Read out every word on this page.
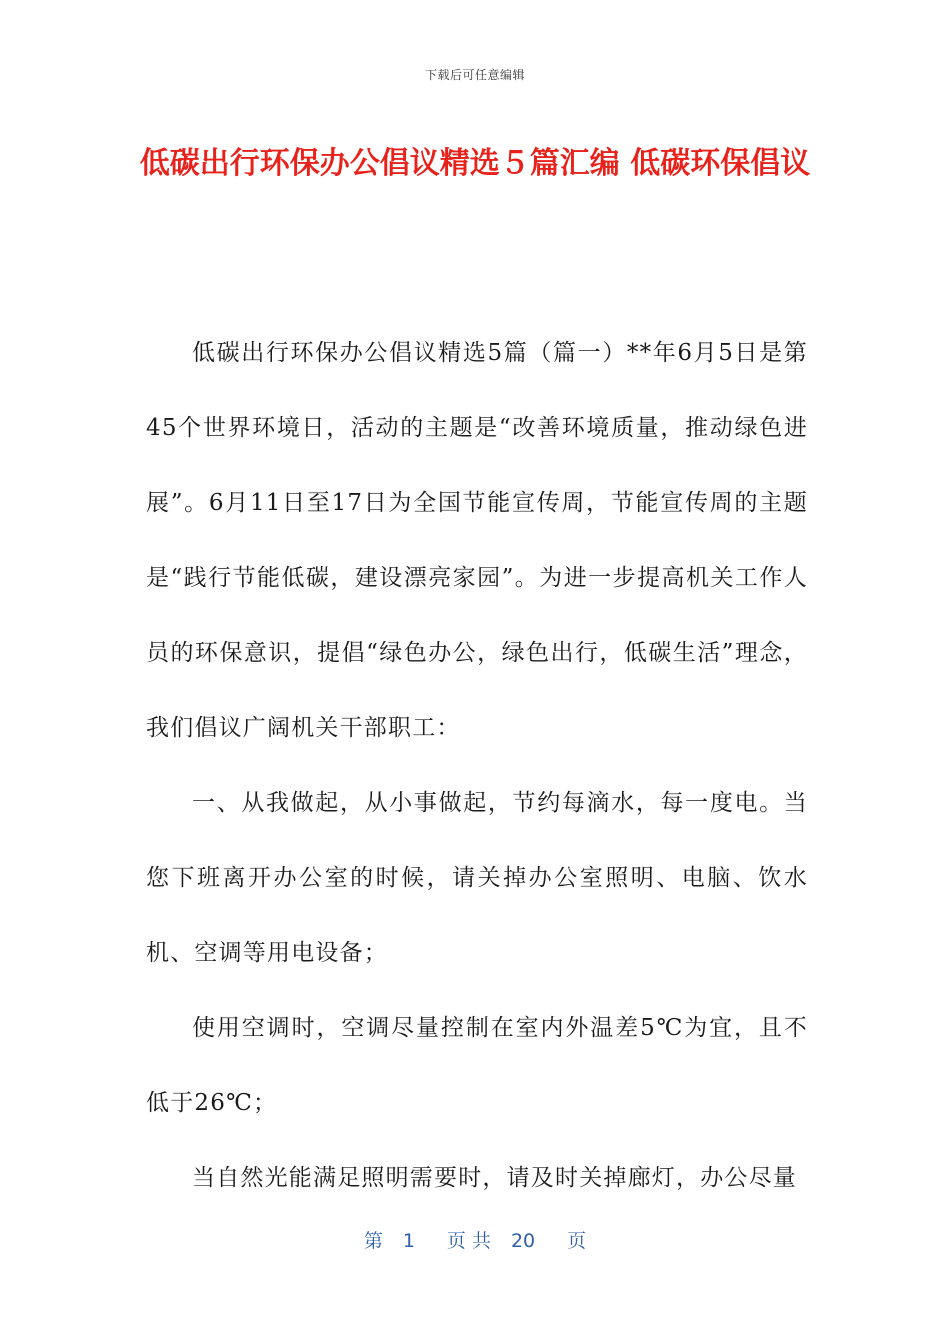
下载后可任意编辑
低碳出行环保办公倡议精选５篇汇编 低碳环保倡议

低碳出行环保办公倡议精选5篇（篇一）**年6月5日是第45个世界环境日，活动的主题是“改善环境质量，推动绿色进展”。6月11日至17日为全国节能宣传周，节能宣传周的主题是“践行节能低碳，建设漂亮家园”。为进一步提高机关工作人员的环保意识，提倡“绿色办公，绿色出行，低碳生活”理念，我们倡议广阔机关干部职工：

一、从我做起，从小事做起，节约每滴水，每一度电。当您下班离开办公室的时候，请关掉办公室照明、电脑、饮水机、空调等用电设备；

使用空调时，空调尽量控制在室内外温差5℃为宜，且不低于26℃；

当自然光能满足照明需要时，请及时关掉廊灯，办公尽量

第 1 页 共 20 页
